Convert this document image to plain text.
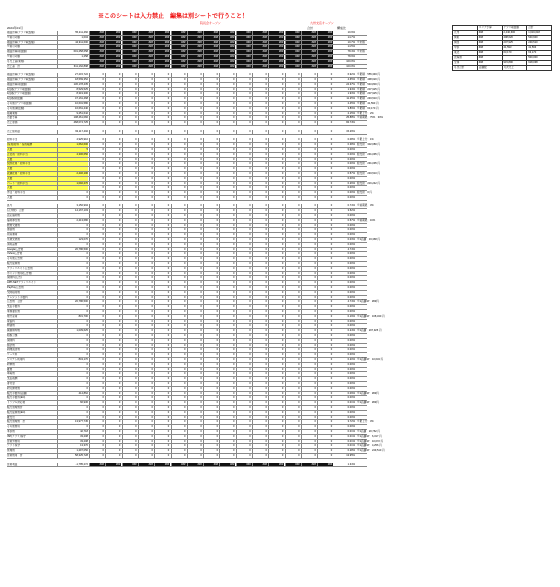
※このシートは入力禁止　編集は別シートで行うこと！
院長会オープン	九州支店オープン
2024年01月	合計	構成比
損益計算(アプリ取扱額)	55,211,460	###	###	###	###	###	###	###	###	###	###	###	###	###	###	###	10.9%
※前月の額	1,004	###	###	###	###	###	###	###	###	###	###	###	###	###	###	###	14.7%
損益計算(アプリ取扱額)	44,911,600	###	###	###	###	###	###	###	###	###	###	###	###	###	###	###	10.7% ※未稼
※前月の額	###	###	###	###	###	###	###	###	###	###	###	###	###	###	###	14.5%
損益計算(取扱額)	601,258,658	###	###	###	###	###	###	###	###	###	###	###	###	###	###	###	78.4% ※未稼
※前月の額	1,258	###	###	###	###	###	###	###	###	###	###	###	###	###	###	###	78.9%
月売上高(業務)	###	###	###	###	###	###	###	###	###	###	###	###	###	###	###	100.0%
売上高　計	611,162,898	###	###	###	###	###	###	###	###	###	###	###	###	###	###	###	100.0%
損益計算(アプリ取扱額)	27,215,722	0	0	0	0	0	0	0	0	0	0	0	0	0	0	0	6.92% ※累積　555,393 円
損益計算(アプリ取扱額)	18,569,352	0	0	0	0	0	0	0	0	0	0	0	0	0	0	0	4.65% ※累積　498,620 円
損益計算(取扱額)	136,178,435	0	0	0	0	0	0	0	0	0	0	0	0	0	0	0	24.37% ※累積　540,830 円
1段階(アプリ取扱額)	8,529,525	0	0	0	0	0	0	0	0	0	0	0	0	0	0	0	1.94% ※累積　207,925 円
1段階(アプリ取扱額)	8,319,300	0	0	0	0	0	0	0	0	0	0	0	0	0	0	0	1.93% ※累積　207,925 円
1段階(取扱額)	47,161,468	0	0	0	0	0	0	0	0	0	0	0	0	0	0	0	11.25% ※累積　249,510 円
その他(アプリ取扱額)	10,601,580	0	0	0	0	0	0	0	0	0	0	0	0	0	0	0	2.45% ※累積　41,593 円
その他(取扱額)	16,661,440	0	0	0	0	0	0	0	0	0	0	0	0	0	0	0	3.89% ※累積　63,170 円
前期業務	9,251,642	0	0	0	0	0	0	0	0	0	0	0	0	0	0	0	2.15% ※累上分　2%
売掛予算	108,461,082	0	0	0	0	0	0	0	0	0	0	0	0	0	0	0	25.88% ※前期累　75%　30%
売上原価	468,074,725	0	0	0	0	0	0	0	0	0	0	0	0	0	0	0	84.74%
売上総利益	93,117,402	0	0	0	0	0	0	0	0	0	0	0	0	0	0	0	15.26%
給料手当	4,925,910	0	0	0	0	0	0	0	0	0	0	0	0	0	0	0	0.08% ※累上分　1%
(役員)給料・役員報酬	1,662,600	0	0	0	0	0	0	0	0	0	0	0	0	0	0	0	0.38% 総支給　332,680 円
人数	5	0	0	0	0	0	0	0	0	0	0	0	0	0	0	0	0.00%
正社員・給料手当	4,306,650	0	0	0	0	0	0	0	0	0	0	0	0	0	0	0	0.00% 総支給　291,095 円
人数	0	0	0	0	0	0	0	0	0	0	0	0	0	0	0	0.00%
契約社員・給料手当	0	0	0	0	0	0	0	0	0	0	0	0	0	0	0	0.00% 総支給　291,095 円
人数	0	0	0	0	0	0	0	0	0	0	0	0	0	0	0	0.00%
派遣社員・給料手当	2,446,100	0	0	0	0	0	0	0	0	0	0	0	0	0	0	0	0.57% 総支給　249,510 円
人数	0	0	0	0	0	0	0	0	0	0	0	0	0	0	0	0.00%
パート・給料手当	1,092,270	0	0	0	0	0	0	0	0	0	0	0	0	0	0	0	0.26% 総支給　216,242 円
人数	0	0	0	0	0	0	0	0	0	0	0	0	0	0	0	0.00%
外注・給料手当	0	0	0	0	0	0	0	0	0	0	0	0	0	0	0	0	0.00% 総支給　0 円
人数	0	0	0	0	0	0	0	0	0	0	0	0	0	0	0	0	0.00%
賞与	3,156,994	0	0	0	0	0	0	0	0	0	0	0	0	0	0	0	0.74% ※前期累　3%
(人件費)　合計	14,167,103	0	0	0	0	0	0	0	0	0	0	0	0	0	0	0	3.52%
法定福利費	0	0	0	0	0	0	0	0	0	0	0	0	0	0	0	0.00%
福利厚生費	2,413,680	0	0	0	0	0	0	0	0	0	0	0	0	0	0	0	0.57% ※前期累　16%
旅費交通費	0	0	0	0	0	0	0	0	0	0	0	0	0	0	0	0	0.00%
通信費	0	0	0	0	0	0	0	0	0	0	0	0	0	0	0	0	0.00%
荷造運賃	0	0	0	0	0	0	0	0	0	0	0	0	0	0	0	0	0.00%
水道光熱費	123,070	0	0	0	0	0	0	0	0	0	0	0	0	0	0	0	0.03% ※1店舗　33,368 円
消耗品費	0	0	0	0	0	0	0	0	0	0	0	0	0	0	0	0	0.00%
Google広告費	20,786,500	0	0	0	0	0	0	0	0	0	0	0	0	0	0	0	4.74%
Yahoo広告費	0	0	0	0	0	0	0	0	0	0	0	0	0	0	0	0	0.00%
その他広告費	0	0	0	0	0	0	0	0	0	0	0	0	0	0	0	0	0.00%
販売促進費	0	0	0	0	0	0	0	0	0	0	0	0	0	0	0	0	0.00%
アフィリエイト広告費	0	0	0	0	0	0	0	0	0	0	0	0	0	0	0	0	0.00%
ポイント費用(広告費)	0	0	0	0	0	0	0	0	0	0	0	0	0	0	0	0	0.00%
保険料(広告)	0	0	0	0	0	0	0	0	0	0	0	0	0	0	0	0	0.00%
APP-NETアフィリエイト	0	0	0	0	0	0	0	0	0	0	0	0	0	0	0	0	0.00%
PayPay広告費	0	0	0	0	0	0	0	0	0	0	0	0	0	0	0	0	0.00%
交際接待費	0	0	0	0	0	0	0	0	0	0	0	0	0	0	0	0	0.00%
クレジット手数料	0	0	0	0	0	0	0	0	0	0	0	0	0	0	0	0	0.00%
広告費　合計	20,786,500	0	0	0	0	0	0	0	0	0	0	0	0	0	0	0	4.74% ※1店舗1P　###円
支払手数料	0	0	0	0	0	0	0	0	0	0	0	0	0	0	0	0	0.00%
業務委託費	0	0	0	0	0	0	0	0	0	0	0	0	0	0	0	0	0.00%
地代家賃	831,700	0	0	0	0	0	0	0	0	0	0	0	0	0	0	0	0.19% ※1店舗1P　168,340 円
賃借料	0	0	0	0	0	0	0	0	0	0	0	0	0	0	0	0	0.00%
修繕費	0	0	0	0	0	0	0	0	0	0	0	0	0	0	0	0	0.00%
減価償却費	1,039,625	0	0	0	0	0	0	0	0	0	0	0	0	0	0	0	0.24% ※1店舗　207,925 円
租税公課	0	0	0	0	0	0	0	0	0	0	0	0	0	0	0	0	0.00%
保険料	0	0	0	0	0	0	0	0	0	0	0	0	0	0	0	0	0.00%
諸会費	0	0	0	0	0	0	0	0	0	0	0	0	0	0	0	0	0.00%
新聞図書費	0	0	0	0	0	0	0	0	0	0	0	0	0	0	0	0	0.00%
リース料	0	0	0	0	0	0	0	0	0	0	0	0	0	0	0	0	0.00%
システム利用料	843,170	0	0	0	0	0	0	0	0	0	0	0	0	0	0	0	0.20% ※1店舗1P　10,634 円
研修費	0	0	0	0	0	0	0	0	0	0	0	0	0	0	0	0	0.00%
雑費	0	0	0	0	0	0	0	0	0	0	0	0	0	0	0	0	0.00%
車両費	0	0	0	0	0	0	0	0	0	0	0	0	0	0	0	0	0.00%
支払報酬	0	0	0	0	0	0	0	0	0	0	0	0	0	0	0	0	0.00%
寄付金	0	0	0	0	0	0	0	0	0	0	0	0	0	0	0	0	0.00%
研究開発費	0	0	0	0	0	0	0	0	0	0	0	0	0	0	0	0	0.00%
販売手数料(店舗)	414,862	0	0	0	0	0	0	0	0	0	0	0	0	0	0	0	0.09% ※1店舗1P　###円
販売手数料(EC)	0	0	0	0	0	0	0	0	0	0	0	0	0	0	0	0	0.00%
トラブル対応費	66,936	0	0	0	0	0	0	0	0	0	0	0	0	0	0	0	0.01% ※1店舗1P　###円
販売管理費計	0	0	0	0	0	0	0	0	0	0	0	0	0	0	0	0	0.00%
販売促進費(EC)	0	0	0	0	0	0	0	0	0	0	0	0	0	0	0	0	0.00%
雑支出	0	0	0	0	0	0	0	0	0	0	0	0	0	0	0	0	0.00%
販売管理費　計	13,977,745	0	0	0	0	0	0	0	0	0	0	0	0	0	0	0	3.72% ※累上分　3%
その他費用	0	0	0	0	0	0	0	0	0	0	0	0	0	0	0	0	0.00%
本部費	42,718	0	0	0	0	0	0	0	0	0	0	0	0	0	0	0	0.01% ※1店舗　20,762 円
ISP(アプリ)保守	33,208	0	0	0	0	0	0	0	0	0	0	0	0	0	0	0	0.01% ※1店舗1P　6,317 円
営業外費用	33,208	0	0	0	0	0	0	0	0	0	0	0	0	0	0	0	0.01% ※1店舗1P　10,072 円
ソフト保守	13,370	0	0	0	0	0	0	0	0	0	0	0	0	0	0	0	0.01% ※1店舗1P　4,256 円
管理費	1,297,050	0	0	0	0	0	0	0	0	0	0	0	0	0	0	0	0.28% ※1店舗1P　249,510 円
営業費用　計	58,325,728	0	0	0	0	0	0	0	0	0	0	0	0	0	0	0	13.95%
営業利益	-1,785,272	###	###	###	###	###	###	###	###	###	###	###	###	###	###	###	1.34%
エリア予算	アプリ取扱額	合計
九州	###	2,440,600	1,619,618
関東	###	498,620	540,600
関西	###	207,925	249,510
中部	###	41,593	41,593
東北	###	63,170	63,170
北海道	###	500,000
全体	###	915,890	918,038
月次合計	店舗数	月次売上
